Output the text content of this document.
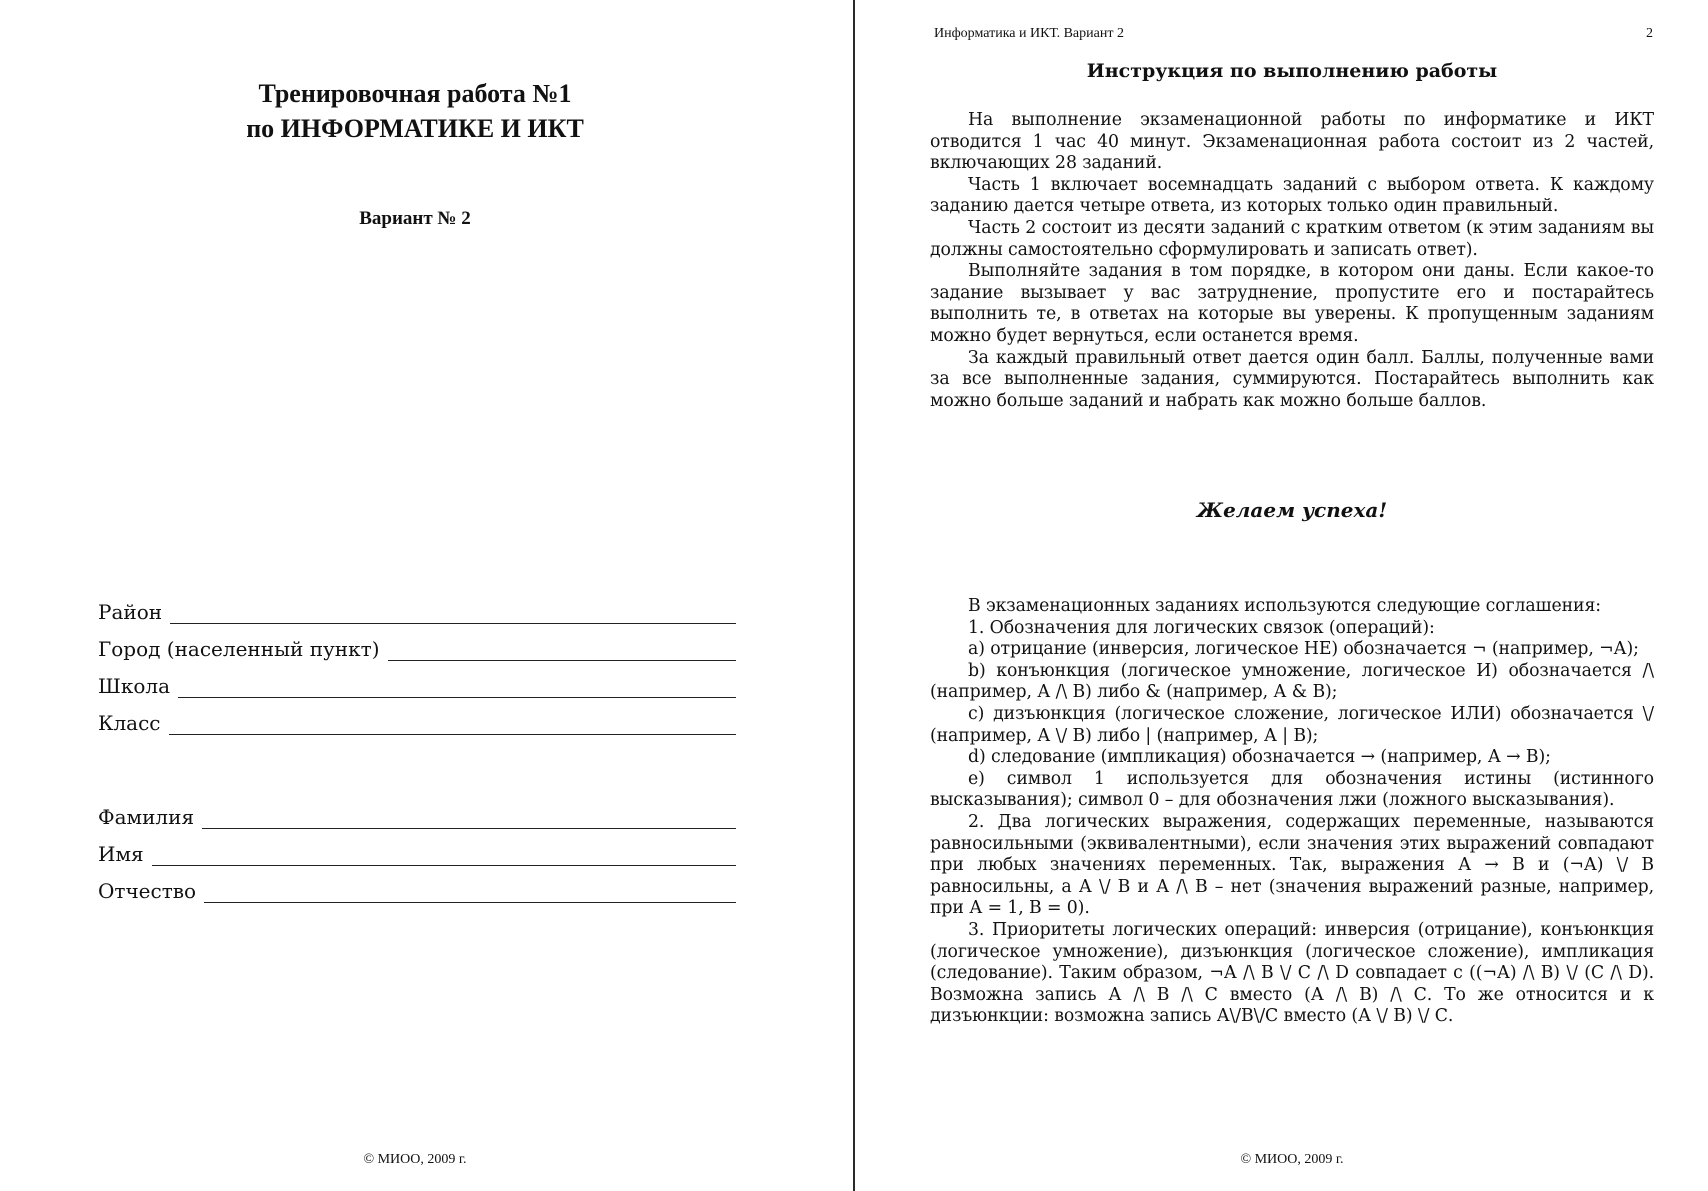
Тренировочная работа №1
по ИНФОРМАТИКЕ И ИКТ
Вариант № 2
Район
Город (населенный пункт)
Школа
Класс
Фамилия
Имя
Отчество
© МИОО, 2009 г.
Информатика и ИКТ. Вариант 2	2
Инструкция по выполнению работы

На выполнение экзаменационной работы по информатике и ИКТ отводится 1 час 40 минут. Экзаменационная работа состоит из 2 частей, включающих 28 заданий.

Часть 1 включает восемнадцать заданий с выбором ответа. К каждому заданию дается четыре ответа, из которых только один правильный.

Часть 2 состоит из десяти заданий с кратким ответом (к этим заданиям вы должны самостоятельно сформулировать и записать ответ).

Выполняйте задания в том порядке, в котором они даны. Если какое-то задание вызывает у вас затруднение, пропустите его и постарайтесь выполнить те, в ответах на которые вы уверены. К пропущенным заданиям можно будет вернуться, если останется время.

За каждый правильный ответ дается один балл. Баллы, полученные вами за все выполненные задания, суммируются. Постарайтесь выполнить как можно больше заданий и набрать как можно больше баллов.

Желаем успеха!

В экзаменационных заданиях используются следующие соглашения:

1. Обозначения для логических связок (операций):

a) отрицание (инверсия, логическое НЕ) обозначается ¬ (например, ¬А);

b) конъюнкция (логическое умножение, логическое И) обозначается /\ (например, А /\ В) либо & (например, А & В);

c) дизъюнкция (логическое сложение, логическое ИЛИ) обозначается \/ (например, А \/ В) либо | (например, А | В);

d) следование (импликация) обозначается → (например, А → В);

e) символ 1 используется для обозначения истины (истинного высказывания); символ 0 – для обозначения лжи (ложного высказывания).

2. Два логических выражения, содержащих переменные, называются равносильными (эквивалентными), если значения этих выражений совпадают при любых значениях переменных. Так, выражения А → В и (¬А) \/ В равносильны, а А \/ В и А /\ В – нет (значения выражений разные, например, при А = 1, В = 0).

3. Приоритеты логических операций: инверсия (отрицание), конъюнкция (логическое умножение), дизъюнкция (логическое сложение), импликация (следование). Таким образом, ¬А /\ В \/ С /\ D совпадает с ((¬А) /\ В) \/ (С /\ D). Возможна запись А /\ В /\ С вместо (А /\ В) /\ С. То же относится и к дизъюнкции: возможна запись А\/В\/С вместо (А \/ В) \/ С.

© МИОО, 2009 г.
